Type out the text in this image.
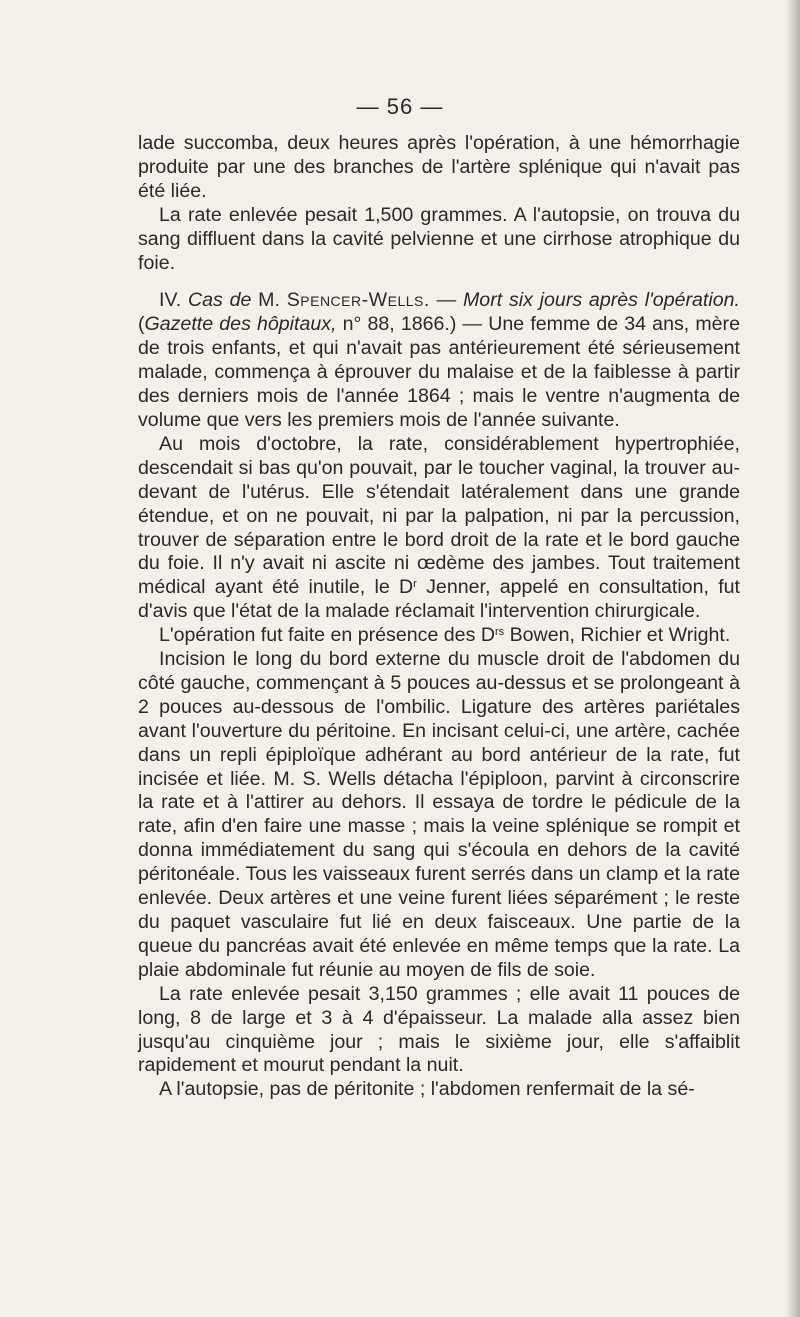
— 56 —

lade succomba, deux heures après l'opération, à une hémorrhagie produite par une des branches de l'artère splénique qui n'avait pas été liée.

La rate enlevée pesait 1,500 grammes. A l'autopsie, on trouva du sang diffluent dans la cavité pelvienne et une cirrhose atrophique du foie.

IV. Cas de M. Spencer-Wells. — Mort six jours après l'opération. (Gazette des hôpitaux, n° 88, 1866.) — Une femme de 34 ans, mère de trois enfants, et qui n'avait pas antérieurement été sérieusement malade, commença à éprouver du malaise et de la faiblesse à partir des derniers mois de l'année 1864 ; mais le ventre n'augmenta de volume que vers les premiers mois de l'année suivante.

Au mois d'octobre, la rate, considérablement hypertrophiée, descendait si bas qu'on pouvait, par le toucher vaginal, la trouver au-devant de l'utérus. Elle s'étendait latéralement dans une grande étendue, et on ne pouvait, ni par la palpation, ni par la percussion, trouver de séparation entre le bord droit de la rate et le bord gauche du foie. Il n'y avait ni ascite ni œdème des jambes. Tout traitement médical ayant été inutile, le $D^r$ Jenner, appelé en consultation, fut d'avis que l'état de la malade réclamait l'intervention chirurgicale.

L'opération fut faite en présence des $D^{rs}$ Bowen, Richier et Wright.

Incision le long du bord externe du muscle droit de l'abdomen du côté gauche, commençant à 5 pouces au-dessus et se prolongeant à 2 pouces au-dessous de l'ombilic. Ligature des artères pariétales avant l'ouverture du péritoine. En incisant celui-ci, une artère, cachée dans un repli épiploïque adhérant au bord antérieur de la rate, fut incisée et liée. M. S. Wells détacha l'épiploon, parvint à circonscrire la rate et à l'attirer au dehors. Il essaya de tordre le pédicule de la rate, afin d'en faire une masse ; mais la veine splénique se rompit et donna immédiatement du sang qui s'écoula en dehors de la cavité péritonéale. Tous les vaisseaux furent serrés dans un clamp et la rate enlevée. Deux artères et une veine furent liées séparément ; le reste du paquet vasculaire fut lié en deux faisceaux. Une partie de la queue du pancréas avait été enlevée en même temps que la rate. La plaie abdominale fut réunie au moyen de fils de soie.

La rate enlevée pesait 3,150 grammes ; elle avait 11 pouces de long, 8 de large et 3 à 4 d'épaisseur. La malade alla assez bien jusqu'au cinquième jour ; mais le sixième jour, elle s'affaiblit rapidement et mourut pendant la nuit.

A l'autopsie, pas de péritonite ; l'abdomen renfermait de la sé-
